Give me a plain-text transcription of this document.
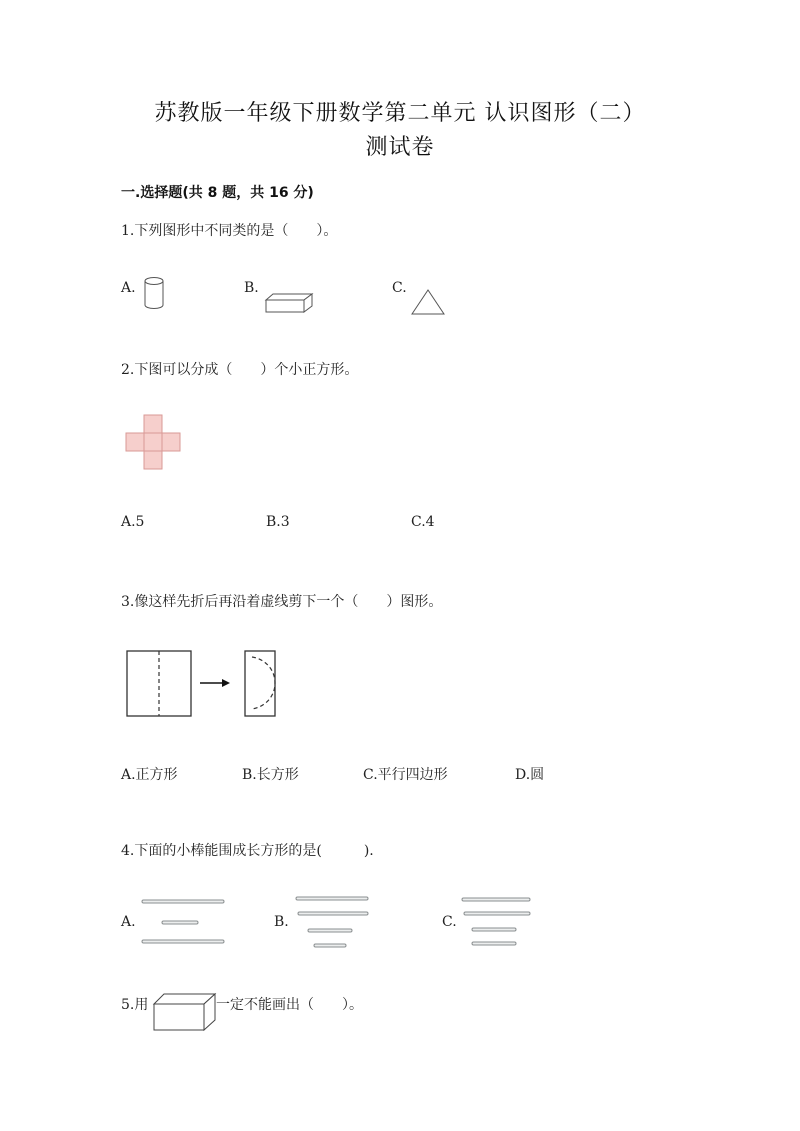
苏教版一年级下册数学第二单元 认识图形（二）
测试卷
一.选择题(共 8 题，共 16 分)
1.下列图形中不同类的是（　　）。
A.	B.	C.
2.下图可以分成（　　）个小正方形。
A.5	B.3	C.4
3.像这样先折后再沿着虚线剪下一个（　　）图形。
A.正方形	B.长方形	C.平行四边形	D.圆
4.下面的小棒能围成长方形的是(　　　).
A.	B.	C.
5.用	一定不能画出（　　）。
